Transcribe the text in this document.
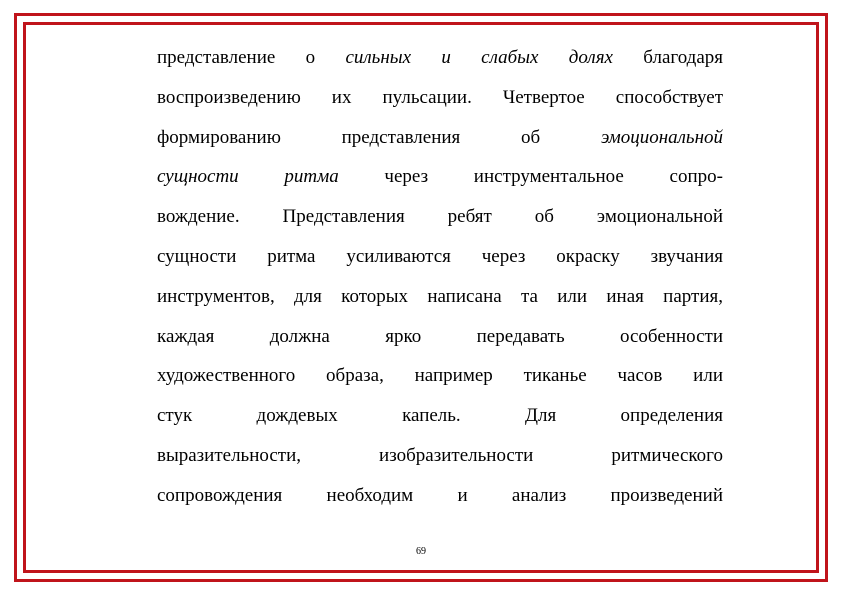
представление о сильных и слабых долях благодаря
воспроизведению их пульсации. Четвертое способствует
формированию представления об эмоциональной
сущности ритма через инструментальное сопро-
вождение. Представления ребят об эмоциональной
сущности ритма усиливаются через окраску звучания
инструментов, для которых написана та или иная партия,
каждая должна ярко передавать особенности
художественного образа, например тиканье часов или
стук дождевых капель. Для определения
выразительности, изобразительности ритмического
сопровождения необходим и анализ произведений
69
